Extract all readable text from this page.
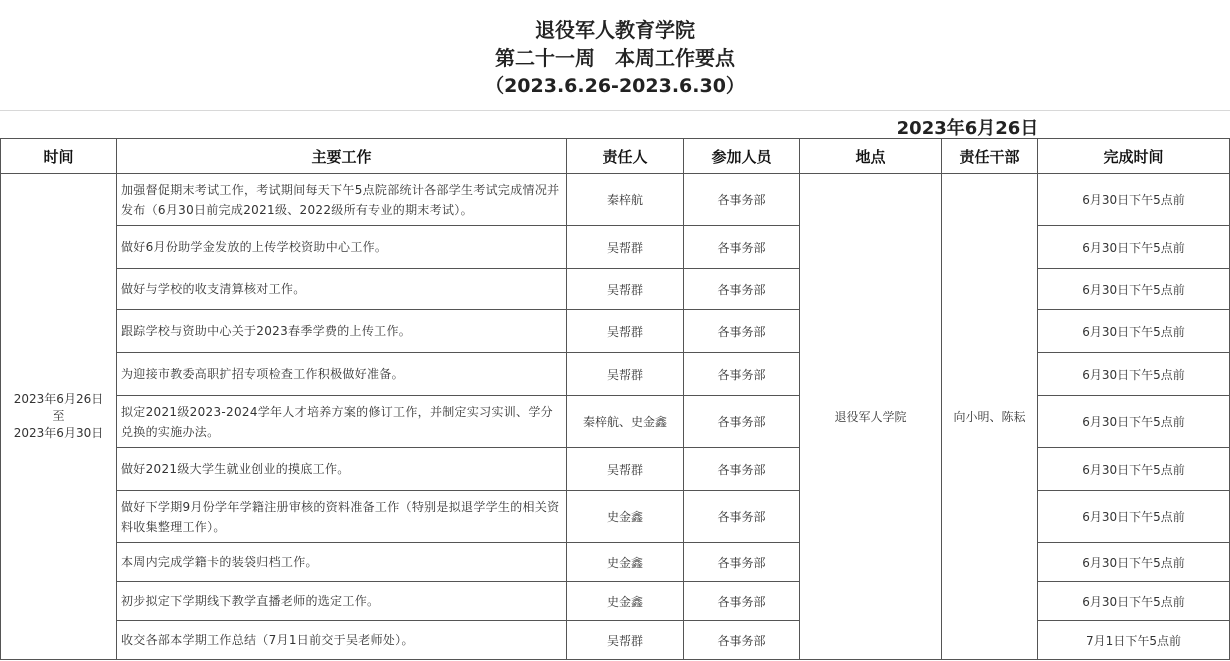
退役军人教育学院
第二十一周　本周工作要点
（2023.6.26-2023.6.30）
2023年6月26日
时间	主要工作	责任人	参加人员	地点	责任干部	完成时间

2023年6月26日
至
2023年6月30日	加强督促期末考试工作，考试期间每天下午5点院部统计各部学生考试完成情况并发布（6月30日前完成2021级、2022级所有专业的期末考试）。	秦梓航	各事务部	退役军人学院	向小明、陈耘	6月30日下午5点前
	做好6月份助学金发放的上传学校资助中心工作。	吴帮群	各事务部			6月30日下午5点前
	做好与学校的收支清算核对工作。	吴帮群	各事务部			6月30日下午5点前
	跟踪学校与资助中心关于2023春季学费的上传工作。	吴帮群	各事务部			6月30日下午5点前
	为迎接市教委高职扩招专项检查工作积极做好准备。	吴帮群	各事务部			6月30日下午5点前
	拟定2021级2023-2024学年人才培养方案的修订工作，并制定实习实训、学分兑换的实施办法。	秦梓航、史金鑫	各事务部			6月30日下午5点前
	做好2021级大学生就业创业的摸底工作。	吴帮群	各事务部			6月30日下午5点前
	做好下学期9月份学年学籍注册审核的资料准备工作（特别是拟退学学生的相关资料收集整理工作）。	史金鑫	各事务部			6月30日下午5点前
	本周内完成学籍卡的装袋归档工作。	史金鑫	各事务部			6月30日下午5点前
	初步拟定下学期线下教学直播老师的选定工作。	史金鑫	各事务部			6月30日下午5点前
	收交各部本学期工作总结（7月1日前交于吴老师处）。	吴帮群	各事务部			7月1日下午5点前
